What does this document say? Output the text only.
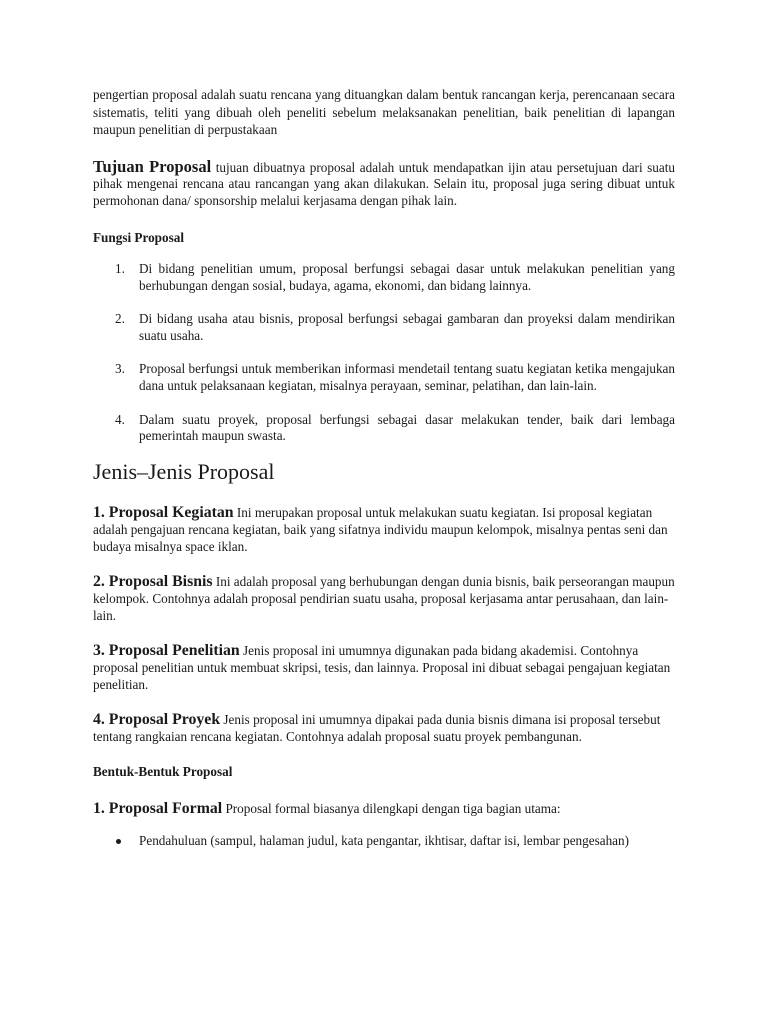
pengertian proposal adalah suatu rencana yang dituangkan dalam bentuk rancangan kerja, perencanaan secara sistematis, teliti yang dibuah oleh peneliti sebelum melaksanakan penelitian, baik penelitian di lapangan maupun penelitian di perpustakaan

Tujuan Proposal tujuan dibuatnya proposal adalah untuk mendapatkan ijin atau persetujuan dari suatu pihak mengenai rencana atau rancangan yang akan dilakukan. Selain itu, proposal juga sering dibuat untuk permohonan dana/ sponsorship melalui kerjasama dengan pihak lain.

Fungsi Proposal

1. Di bidang penelitian umum, proposal berfungsi sebagai dasar untuk melakukan penelitian yang berhubungan dengan sosial, budaya, agama, ekonomi, dan bidang lainnya.
2. Di bidang usaha atau bisnis, proposal berfungsi sebagai gambaran dan proyeksi dalam mendirikan suatu usaha.
3. Proposal berfungsi untuk memberikan informasi mendetail tentang suatu kegiatan ketika mengajukan dana untuk pelaksanaan kegiatan, misalnya perayaan, seminar, pelatihan, dan lain-lain.
4. Dalam suatu proyek, proposal berfungsi sebagai dasar melakukan tender, baik dari lembaga pemerintah maupun swasta.
Jenis–Jenis Proposal

1. Proposal Kegiatan Ini merupakan proposal untuk melakukan suatu kegiatan. Isi proposal kegiatan adalah pengajuan rencana kegiatan, baik yang sifatnya individu maupun kelompok, misalnya pentas seni dan budaya misalnya space iklan.

2. Proposal Bisnis Ini adalah proposal yang berhubungan dengan dunia bisnis, baik perseorangan maupun kelompok. Contohnya adalah proposal pendirian suatu usaha, proposal kerjasama antar perusahaan, dan lain-lain.

3. Proposal Penelitian Jenis proposal ini umumnya digunakan pada bidang akademisi. Contohnya proposal penelitian untuk membuat skripsi, tesis, dan lainnya. Proposal ini dibuat sebagai pengajuan kegiatan penelitian.

4. Proposal Proyek Jenis proposal ini umumnya dipakai pada dunia bisnis dimana isi proposal tersebut tentang rangkaian rencana kegiatan. Contohnya adalah proposal suatu proyek pembangunan.

Bentuk-Bentuk Proposal

1. Proposal Formal Proposal formal biasanya dilengkapi dengan tiga bagian utama:

Pendahuluan (sampul, halaman judul, kata pengantar, ikhtisar, daftar isi, lembar pengesahan)
